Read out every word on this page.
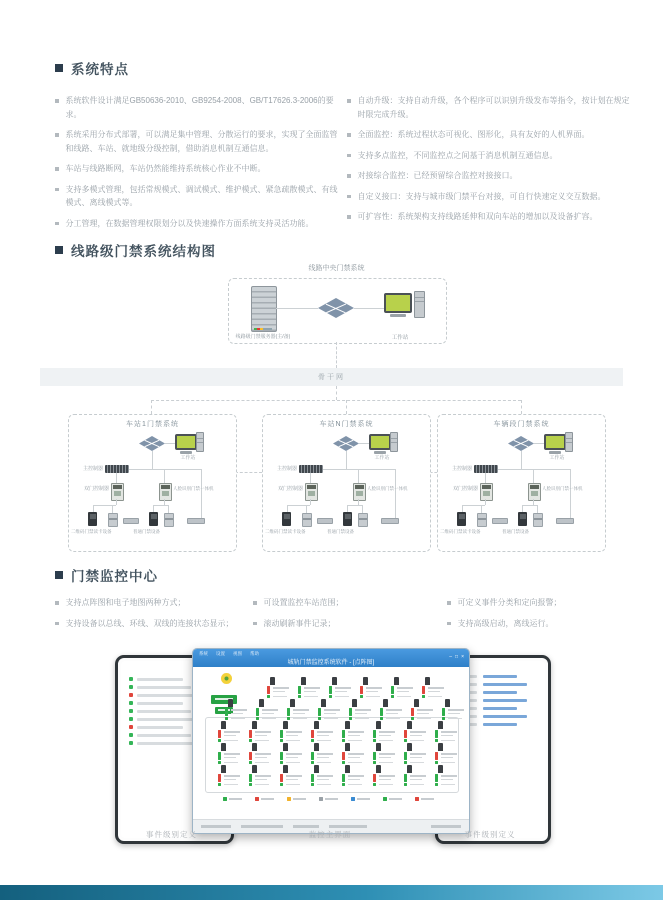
系统特点
系统软件设计满足GB50636-2010、GB9254-2008、GB/T17626.3-2006的要求。
系统采用分布式部署，可以满足集中管理、分散运行的要求，实现了全面监管和线路、车站、就地级分级控制，借助消息机制互通信息。
车站与线路断网，车站仍然能维持系统核心作业不中断。
支持多模式管理，包括常规模式、调试模式、维护模式、紧急疏散模式、有线模式、离线模式等。
分工管理，在数据管理权限划分以及快速操作方面系统支持灵活功能。
自动升级：支持自动升级，各个程序可以识别升级发布等指令，按计划在规定时限完成升级。
全面监控：系统过程状态可视化、图形化，具有友好的人机界面。
支持多点监控，不同监控点之间基于消息机制互通信息。
对接综合监控：已经预留综合监控对接接口。
自定义接口：支持与城市级门禁平台对接，可自行快速定义交互数据。
可扩容性：系统架构支持线路延伸和双向车站的增加以及设备扩容。
线路级门禁系统结构图
线路中央门禁系统
线路级门禁服务器(主/备)	工作站
骨干网
车站1门禁系统
工作站
主控制器
双门控制器	人脸识别门禁一体机
二维码门禁读卡设备	普通门禁设备
车站N门禁系统
工作站
主控制器
双门控制器	人脸识别门禁一体机
二维码门禁读卡设备	普通门禁设备
车辆段门禁系统
工作站
主控制器
双门控制器	人脸识别门禁一体机
二维码门禁读卡设备	普通门禁设备
门禁监控中心
支持点阵图和电子地图两种方式；
支持设备以总线、环线、双线的连接状态显示；
可设置监控车站范围；
滚动刷新事件记录；
可定义事件分类和定向报警；
支持高级启动，离线运行。
系统 设置 视图 帮助
城轨门禁监控系统软件 - [点阵图]
– □ ×
事件级别定义	监控主界面	事件级别定义
